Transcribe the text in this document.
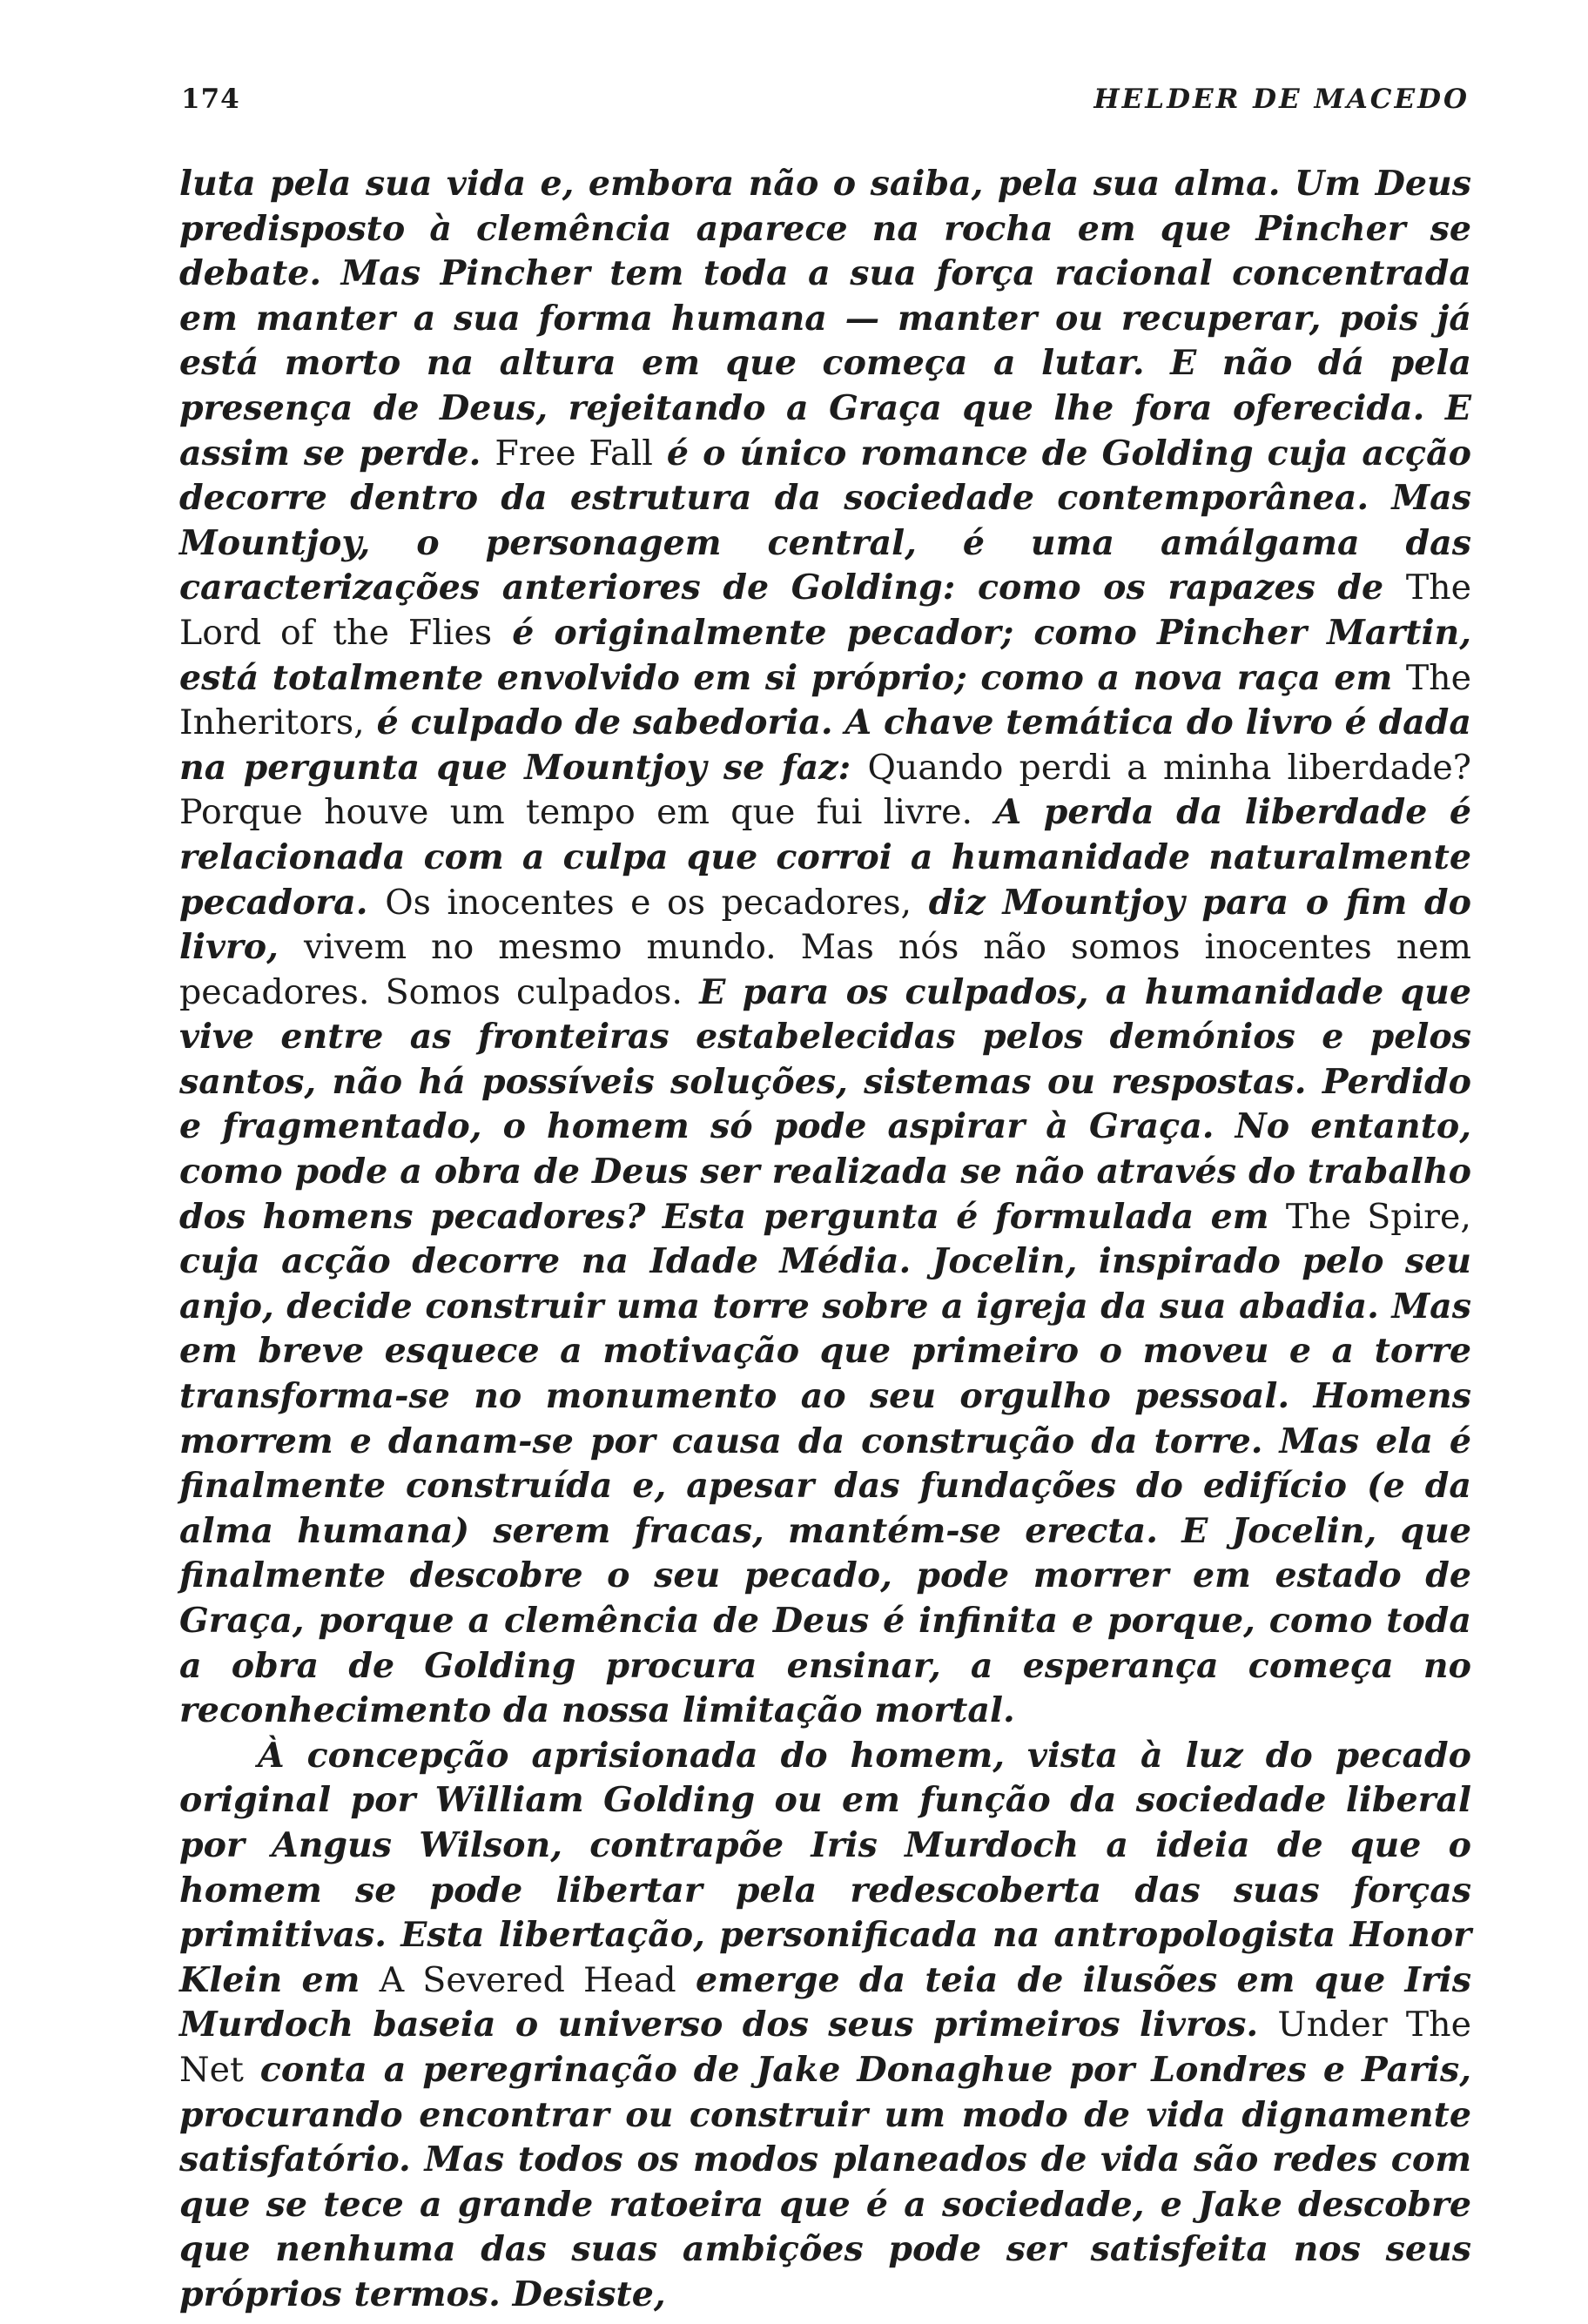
174	HELDER DE MACEDO

luta pela sua vida e, embora não o saiba, pela sua alma. Um Deus predisposto à clemência aparece na rocha em que Pincher se debate. Mas Pincher tem toda a sua força racional concentrada em manter a sua forma humana — manter ou recuperar, pois já está morto na altura em que começa a lutar. E não dá pela presença de Deus, rejeitando a Graça que lhe fora oferecida. E assim se perde. Free Fall é o único romance de Golding cuja acção decorre dentro da estrutura da sociedade contemporânea. Mas Mountjoy, o personagem central, é uma amálgama das caracterizações anteriores de Golding: como os rapazes de The Lord of the Flies é originalmente pecador; como Pincher Martin, está totalmente envolvido em si próprio; como a nova raça em The Inheritors, é culpado de sabedoria. A chave temática do livro é dada na pergunta que Mountjoy se faz: Quando perdi a minha liberdade? Porque houve um tempo em que fui livre. A perda da liberdade é relacionada com a culpa que corroi a humanidade naturalmente pecadora. Os inocentes e os pecadores, diz Mountjoy para o fim do livro, vivem no mesmo mundo. Mas nós não somos inocentes nem pecadores. Somos culpados. E para os culpados, a humanidade que vive entre as fronteiras estabelecidas pelos demónios e pelos santos, não há possíveis soluções, sistemas ou respostas. Perdido e fragmentado, o homem só pode aspirar à Graça. No entanto, como pode a obra de Deus ser realizada se não através do trabalho dos homens pecadores? Esta pergunta é formulada em The Spire, cuja acção decorre na Idade Média. Jocelin, inspirado pelo seu anjo, decide construir uma torre sobre a igreja da sua abadia. Mas em breve esquece a motivação que primeiro o moveu e a torre transforma-se no monumento ao seu orgulho pessoal. Homens morrem e danam-se por causa da construção da torre. Mas ela é finalmente construída e, apesar das fundações do edifício (e da alma humana) serem fracas, mantém-se erecta. E Jocelin, que finalmente descobre o seu pecado, pode morrer em estado de Graça, porque a clemência de Deus é infinita e porque, como toda a obra de Golding procura ensinar, a esperança começa no reconhecimento da nossa limitação mortal.

À concepção aprisionada do homem, vista à luz do pecado original por William Golding ou em função da sociedade liberal por Angus Wilson, contrapõe Iris Murdoch a ideia de que o homem se pode libertar pela redescoberta das suas forças primitivas. Esta libertação, personificada na antropologista Honor Klein em A Severed Head emerge da teia de ilusões em que Iris Murdoch baseia o universo dos seus primeiros livros. Under The Net conta a peregrinação de Jake Donaghue por Londres e Paris, procurando encontrar ou construir um modo de vida dignamente satisfatório. Mas todos os modos planeados de vida são redes com que se tece a grande ratoeira que é a sociedade, e Jake descobre que nenhuma das suas ambições pode ser satisfeita nos seus próprios termos. Desiste,
